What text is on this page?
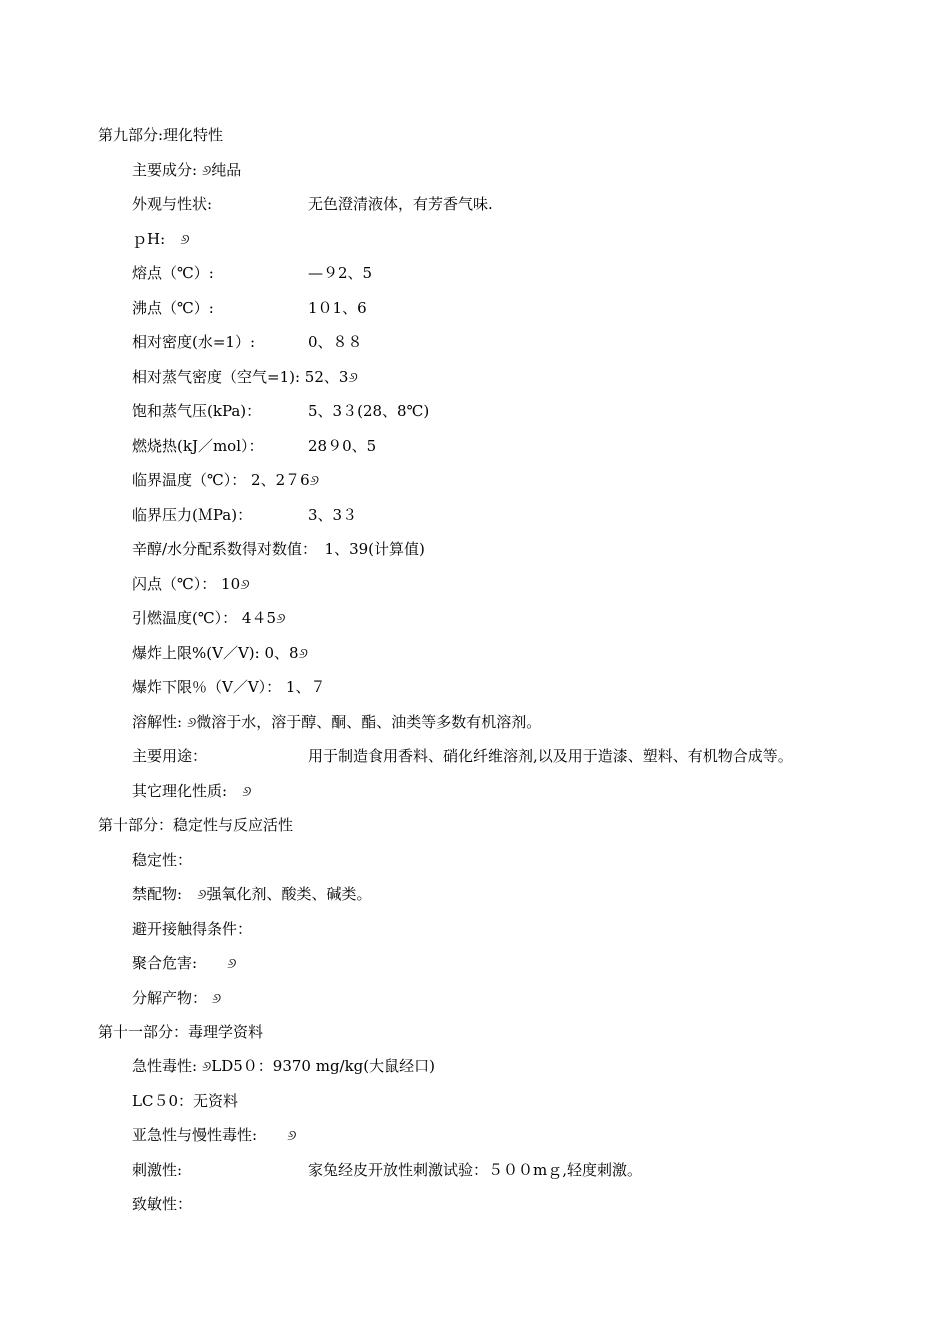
第九部分:理化特性
主要成分: ୬纯品
外观与性状:	无色澄清液体，有芳香气味.
ｐH:　୬
熔点（℃）:	—９2、5
沸点（℃）:	1０1、6
相对密度(水=1）:	0、８８
相对蒸气密度（空气=1): 52、3୬
饱和蒸气压(kPa)：	5、3３(28、8℃)
燃烧热(kJ／mol）：	28９0、5
临界温度（℃）： 2、2７6୬
临界压力(ＭPa)：	3、3３
辛醇/水分配系数得对数值：　1、39(计算值)
闪点（℃）： 10୬
引燃温度(℃）： 4４5୬
爆炸上限%(V／V): 0、8୬
爆炸下限％（V／V）： 1、７
溶解性: ୬微溶于水，溶于醇、酮、酯、油类等多数有机溶剂。
主要用途：	用于制造食用香料、硝化纤维溶剂,以及用于造漆、塑料、有机物合成等。
其它理化性质:　୬
第十部分：稳定性与反应活性
稳定性：
禁配物:　୬强氧化剂、酸类、碱类。
避开接触得条件：
聚合危害:　　୬
分解产物： ୬
第十一部分：毒理学资料
急性毒性: ୬LD5０：9370 mg/kg(大鼠经口)
LC５0：无资料
亚急性与慢性毒性:　　୬
刺激性:	家兔经皮开放性刺激试验：５００mｇ,轻度刺激。
致敏性：
